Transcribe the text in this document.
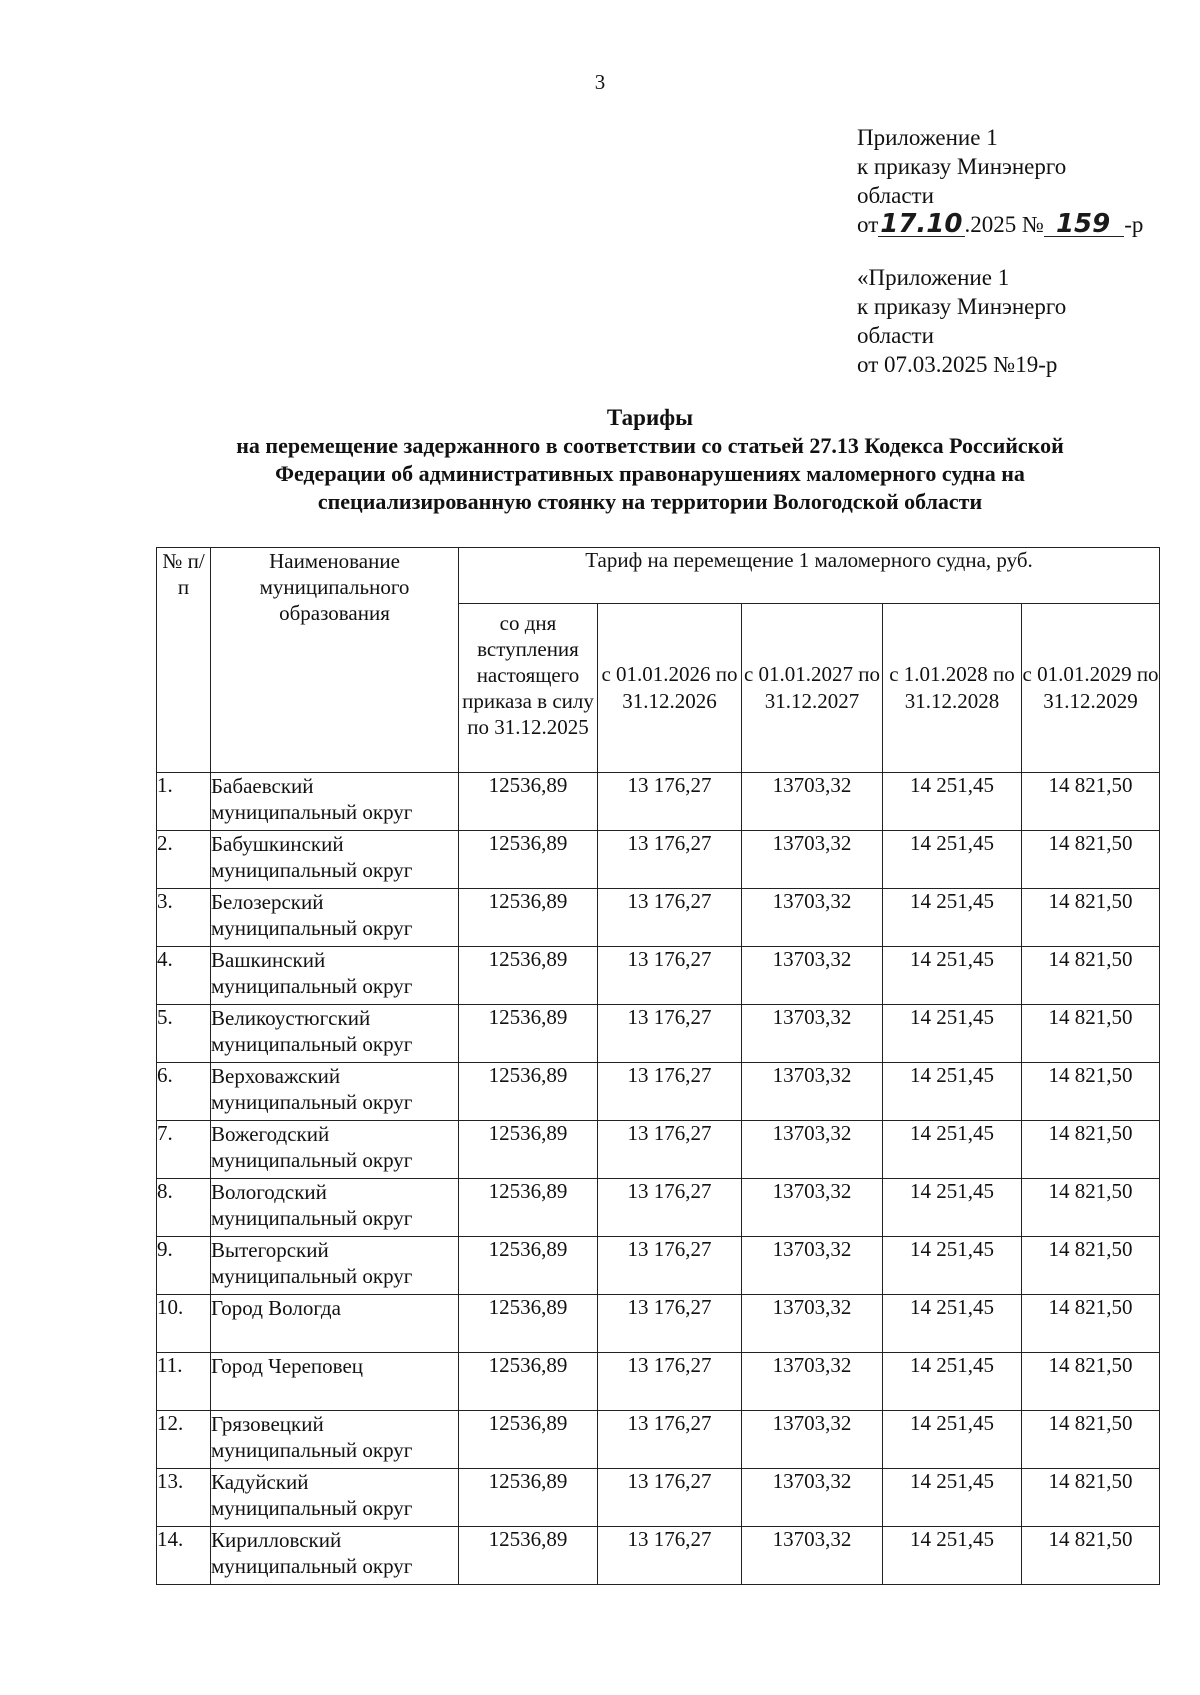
3
Приложение 1
к приказу Минэнерго
области
от17.10.2025 № 159 -р
«Приложение 1
к приказу Минэнерго
области
от 07.03.2025 №19-р
Тарифы
на перемещение задержанного в соответствии со статьей 27.13 Кодекса Российской
Федерации об административных правонарушениях маломерного судна на
специализированную стоянку на территории Вологодской области
№ п/п	Наименование муниципального образования	Тариф на перемещение 1 маломерного судна, руб.				
		со дня вступления настоящего приказа в силу по 31.12.2025	с 01.01.2026 по 31.12.2026	с 01.01.2027 по 31.12.2027	с 1.01.2028 по 31.12.2028	с 01.01.2029 по 31.12.2029
1.	Бабаевский муниципальный округ	12536,89	13 176,27	13703,32	14 251,45	14 821,50
2.	Бабушкинский муниципальный округ	12536,89	13 176,27	13703,32	14 251,45	14 821,50
3.	Белозерский муниципальный округ	12536,89	13 176,27	13703,32	14 251,45	14 821,50
4.	Вашкинский муниципальный округ	12536,89	13 176,27	13703,32	14 251,45	14 821,50
5.	Великоустюгский муниципальный округ	12536,89	13 176,27	13703,32	14 251,45	14 821,50
6.	Верховажский муниципальный округ	12536,89	13 176,27	13703,32	14 251,45	14 821,50
7.	Вожегодский муниципальный округ	12536,89	13 176,27	13703,32	14 251,45	14 821,50
8.	Вологодский муниципальный округ	12536,89	13 176,27	13703,32	14 251,45	14 821,50
9.	Вытегорский муниципальный округ	12536,89	13 176,27	13703,32	14 251,45	14 821,50
10.	Город Вологда	12536,89	13 176,27	13703,32	14 251,45	14 821,50
11.	Город Череповец	12536,89	13 176,27	13703,32	14 251,45	14 821,50
12.	Грязовецкий муниципальный округ	12536,89	13 176,27	13703,32	14 251,45	14 821,50
13.	Кадуйский муниципальный округ	12536,89	13 176,27	13703,32	14 251,45	14 821,50
14.	Кирилловский муниципальный округ	12536,89	13 176,27	13703,32	14 251,45	14 821,50
